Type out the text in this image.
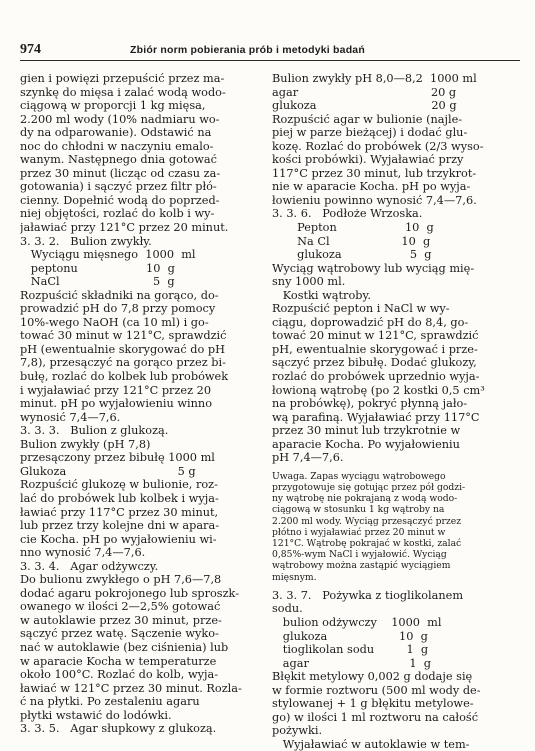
974	Zbiór norm pobierania prób i metodyki badań
gien i powięzi przepuścić przez ma-
szynkę do mięsa i zalać wodą wodo-
ciągową w proporcji 1 kg mięsa,
2.200 ml wody (10% nadmiaru wo-
dy na odparowanie). Odstawić na
noc do chłodni w naczyniu emalo-
wanym. Następnego dnia gotować
przez 30 minut (licząc od czasu za-
gotowania) i sączyć przez filtr płó-
cienny. Dopełnić wodą do poprzed-
niej objętości, rozlać do kolb i wy-
jaławiać przy 121°C przez 20 minut.
3. 3. 2.   Bulion zwykły.
Wyciągu mięsnego  1000  ml
peptonu                   10  g
NaCl                          5  g
Rozpuścić składniki na gorąco, do-
prowadzić pH do 7,8 przy pomocy
10%-wego NaOH (ca 10 ml) i go-
tować 30 minut w 121°C, sprawdzić
pH (ewentualnie skorygować do pH
7,8), przesączyć na gorąco przez bi-
bułę, rozlać do kolbek lub probówek
i wyjaławiać przy 121°C przez 20
minut. pH po wyjałowieniu winno
wynosić 7,4—7,6.
3. 3. 3.   Bulion z glukozą.
Bulion zwykły (pH 7,8)
przesączony przez bibułę 1000 ml
Glukoza                               5 g
Rozpuścić glukozę w bulionie, roz-
lać do probówek lub kolbek i wyja-
ławiać przy 117°C przez 30 minut,
lub przez trzy kolejne dni w apara-
cie Kocha. pH po wyjałowieniu wi-
nno wynosić 7,4—7,6.
3. 3. 4.   Agar odżywczy.
Do bulionu zwykłego o pH 7,6—7,8
dodać agaru pokrojonego lub sproszk-
owanego w ilości 2—2,5% gotować
w autoklawie przez 30 minut, prze-
sączyć przez watę. Sączenie wyko-
nać w autoklawie (bez ciśnienia) lub
w aparacie Kocha w temperaturze
około 100°C. Rozlać do kolb, wyja-
ławiać w 121°C przez 30 minut. Rozla-
ć na płytki. Po zestaleniu agaru
płytki wstawić do lodówki.
3. 3. 5.   Agar słupkowy z glukozą.
Bulion zwykły pH 8,0—8,2  1000 ml
agar                                     20 g
glukoza                                20 g
Rozpuścić agar w bulionie (najle-
piej w parze bieżącej) i dodać glu-
kozę. Rozlać do probówek (2/3 wyso-
kości probówki). Wyjaławiać przy
117°C przez 30 minut, lub trzykrot-
nie w aparacie Kocha. pH po wyja-
łowieniu powinno wynosić 7,4—7,6.
3. 3. 6.   Podłoże Wrzoska.
Pepton                   10  g
Na Cl                    10  g
glukoza                   5  g
Wyciąg wątrobowy lub wyciąg mię-
sny 1000 ml.
Kostki wątroby.
Rozpuścić pepton i NaCl w wy-
ciągu, doprowadzić pH do 8,4, go-
tować 20 minut w 121°C, sprawdzić
pH, ewentualnie skorygować i prze-
sączyć przez bibułę. Dodać glukozy,
rozlać do probówek uprzednio wyja-
łowioną wątrobę (po 2 kostki 0,5 cm³
na probówkę), pokryć płynną jało-
wą parafiną. Wyjaławiać przy 117°C
przez 30 minut lub trzykrotnie w
aparacie Kocha. Po wyjałowieniu
pH 7,4—7,6.
Uwaga. Zapas wyciągu wątrobowego
przygotowuje się gotując przez pół godzi-
ny wątrobę nie pokrajaną z wodą wodo-
ciągową w stosunku 1 kg wątroby na
2.200 ml wody. Wyciąg przesączyć przez
płótno i wyjaławiać przez 20 minut w
121°C. Wątrobę pokrajać w kostki, zalać
0,85%-wym NaCl i wyjałowić. Wyciąg
wątrobowy można zastąpić wyciągiem
mięsnym.
3. 3. 7.   Pożywka z tioglikolanem
sodu.
bulion odżywczy    1000  ml
glukoza                    10  g
tioglikolan sodu         1  g
agar                            1  g
Błękit metylowy 0,002 g dodaje się
w formie roztworu (500 ml wody de-
stylowanej + 1 g błękitu metylowe-
go) w ilości 1 ml roztworu na całość
pożywki.
Wyjaławiać w autoklawie w tem-
